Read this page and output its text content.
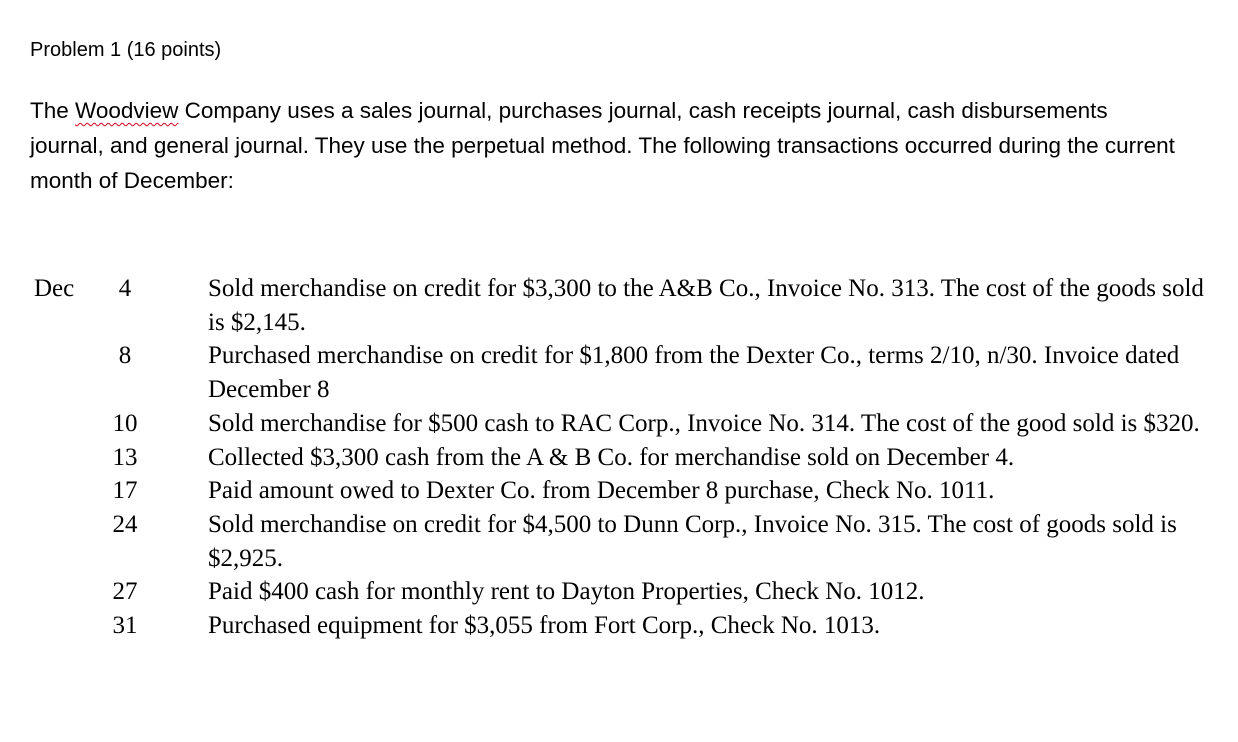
Problem 1 (16 points)

The Woodview Company uses a sales journal, purchases journal, cash receipts journal, cash disbursements journal, and general journal. They use the perpetual method. The following transactions occurred during the current month of December:

Dec	4	Sold merchandise on credit for $3,300 to the A&B Co., Invoice No. 313. The cost of the goods sold is $2,145.
8	Purchased merchandise on credit for $1,800 from the Dexter Co., terms 2/10, n/30. Invoice dated December 8
10	Sold merchandise for $500 cash to RAC Corp., Invoice No. 314. The cost of the good sold is $320.
13	Collected $3,300 cash from the A & B Co. for merchandise sold on December 4.
17	Paid amount owed to Dexter Co. from December 8 purchase, Check No. 1011.
24	Sold merchandise on credit for $4,500 to Dunn Corp., Invoice No. 315. The cost of goods sold is $2,925.
27	Paid $400 cash for monthly rent to Dayton Properties, Check No. 1012.
31	Purchased equipment for $3,055 from Fort Corp., Check No. 1013.
